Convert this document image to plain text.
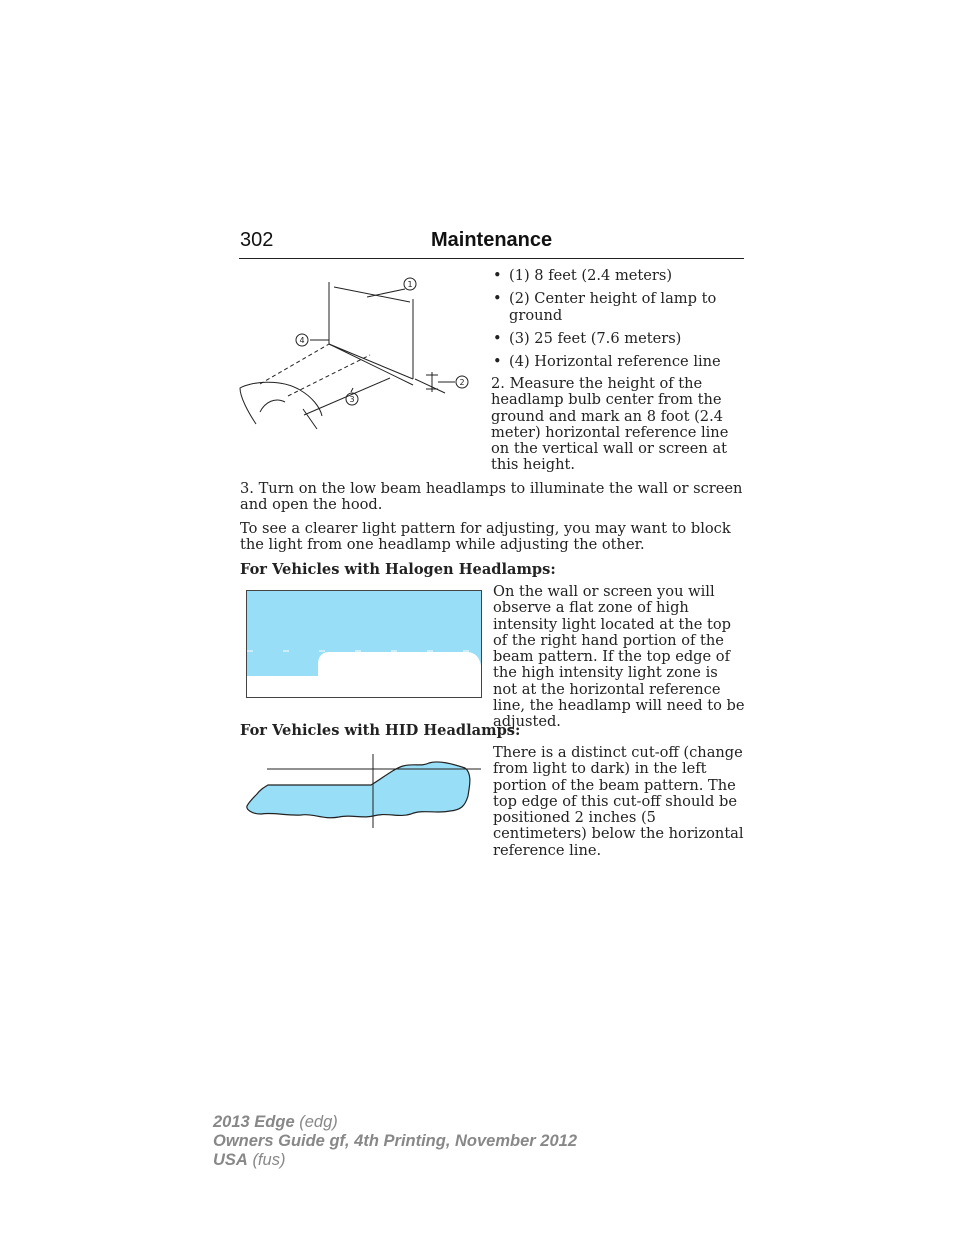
302	Maintenance
1
2
3
4
• (1) 8 feet (2.4 meters)
• (2) Center height of lamp to ground
• (3) 25 feet (7.6 meters)
• (4) Horizontal reference line
2. Measure the height of the headlamp bulb center from the ground and mark an 8 foot (2.4 meter) horizontal reference line on the vertical wall or screen at this height.
3. Turn on the low beam headlamps to illuminate the wall or screen and open the hood.
To see a clearer light pattern for adjusting, you may want to block the light from one headlamp while adjusting the other.
For Vehicles with Halogen Headlamps:
On the wall or screen you will observe a flat zone of high intensity light located at the top of the right hand portion of the beam pattern. If the top edge of the high intensity light zone is not at the horizontal reference line, the headlamp will need to be adjusted.
For Vehicles with HID Headlamps:
There is a distinct cut-off (change from light to dark) in the left portion of the beam pattern. The top edge of this cut-off should be positioned 2 inches (5 centimeters) below the horizontal reference line.
2013 Edge (edg)
Owners Guide gf, 4th Printing, November 2012
USA (fus)
